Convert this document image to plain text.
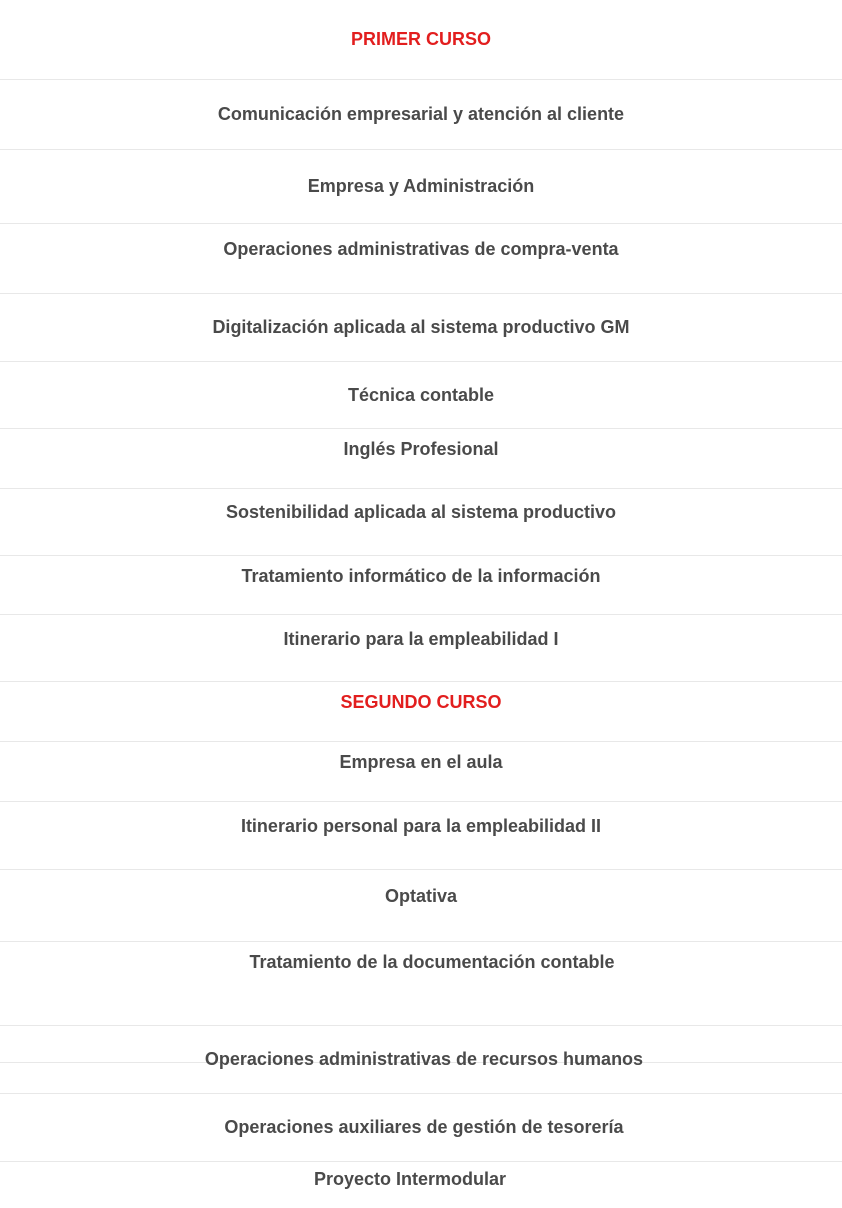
PRIMER CURSO
Comunicación empresarial y atención al cliente
Empresa y Administración
Operaciones administrativas de compra-venta
Digitalización aplicada al sistema productivo GM
Técnica contable
Inglés Profesional
Sostenibilidad aplicada al sistema productivo
Tratamiento informático de la información
Itinerario para la empleabilidad I
SEGUNDO CURSO
Empresa en el aula
Itinerario personal para la empleabilidad II
Optativa
Tratamiento de la documentación contable
Operaciones administrativas de recursos humanos
Operaciones auxiliares de gestión de tesorería
Proyecto Intermodular
